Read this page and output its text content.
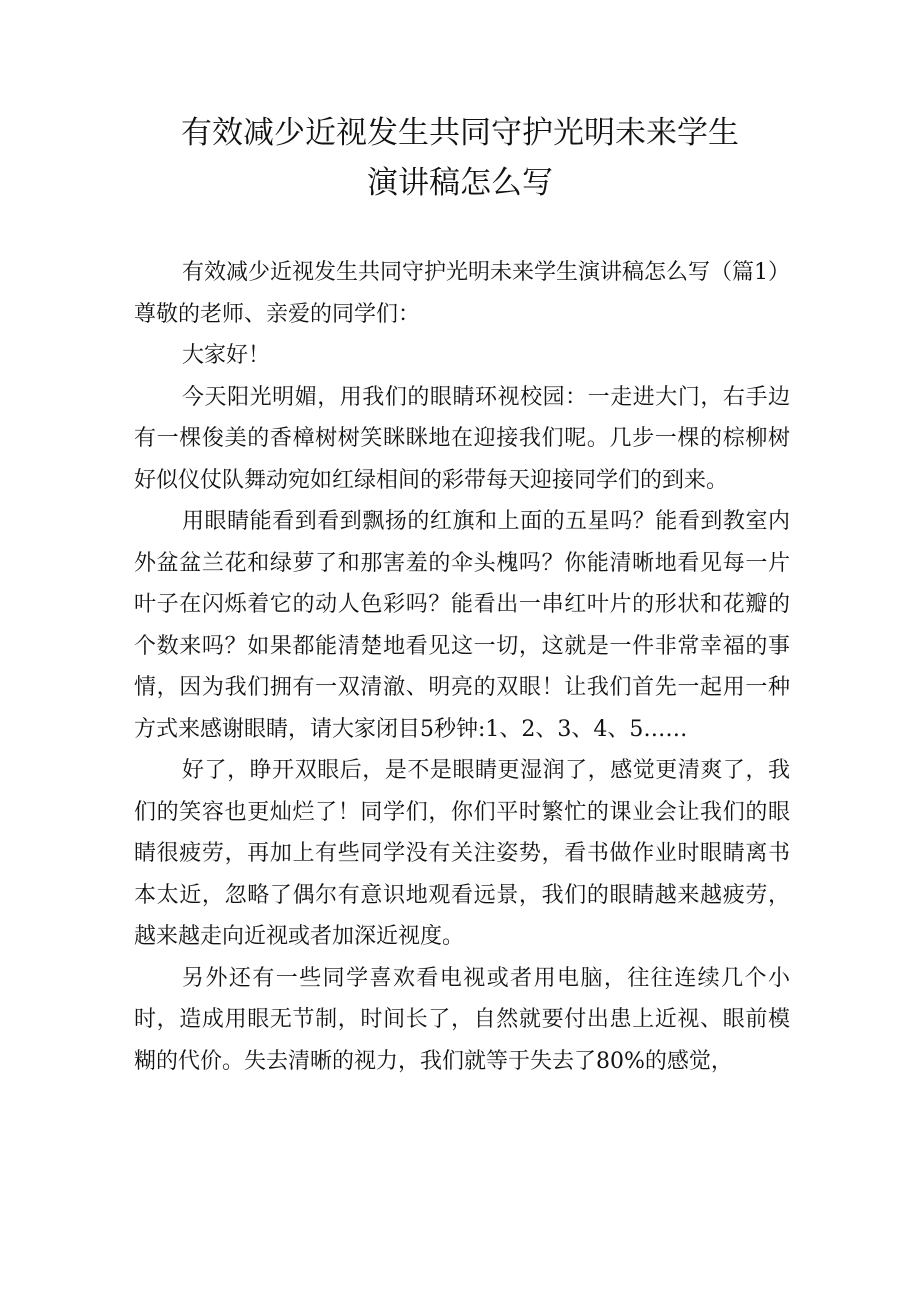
有效减少近视发生共同守护光明未来学生
演讲稿怎么写

有效减少近视发生共同守护光明未来学生演讲稿怎么写（篇1）尊敬的老师、亲爱的同学们：

大家好！

今天阳光明媚，用我们的眼睛环视校园：一走进大门，右手边有一棵俊美的香樟树树笑眯眯地在迎接我们呢。几步一棵的棕柳树好似仪仗队舞动宛如红绿相间的彩带每天迎接同学们的到来。

用眼睛能看到看到飘扬的红旗和上面的五星吗？能看到教室内外盆盆兰花和绿萝了和那害羞的伞头槐吗？你能清晰地看见每一片叶子在闪烁着它的动人色彩吗？能看出一串红叶片的形状和花瓣的个数来吗？如果都能清楚地看见这一切，这就是一件非常幸福的事情，因为我们拥有一双清澈、明亮的双眼！让我们首先一起用一种方式来感谢眼睛，请大家闭目5秒钟:1、2、3、4、5……

好了，睁开双眼后，是不是眼睛更湿润了，感觉更清爽了，我们的笑容也更灿烂了！同学们，你们平时繁忙的课业会让我们的眼睛很疲劳，再加上有些同学没有关注姿势，看书做作业时眼睛离书本太近，忽略了偶尔有意识地观看远景，我们的眼睛越来越疲劳，越来越走向近视或者加深近视度。

另外还有一些同学喜欢看电视或者用电脑，往往连续几个小时，造成用眼无节制，时间长了，自然就要付出患上近视、眼前模糊的代价。失去清晰的视力，我们就等于失去了80%的感觉，
